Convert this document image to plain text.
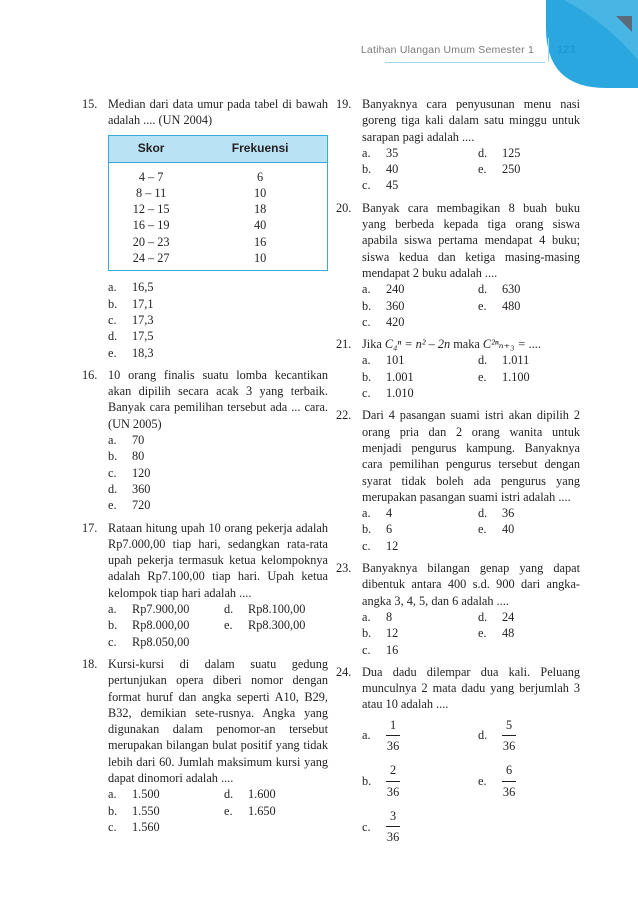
Latihan Ulangan Umum Semester 1 123
15. Median dari data umur pada tabel di bawah adalah .... (UN 2004)
Skor	Frekuensi
4 – 7	6
8 – 11	10
12 – 15	18
16 – 19	40
20 – 23	16
24 – 27	10
a.	16,5
b.	17,1
c.	17,3
d.	17,5
e.	18,3
16. 10 orang finalis suatu lomba kecantikan akan dipilih secara acak 3 yang terbaik. Banyak cara pemilihan tersebut ada ... cara. (UN 2005)
a.	70
b.	80
c.	120
d.	360
e.	720
17. Rataan hitung upah 10 orang pekerja adalah Rp7.000,00 tiap hari, sedangkan rata-rata upah pekerja termasuk ketua kelompoknya adalah Rp7.100,00 tiap hari. Upah ketua kelompok tiap hari adalah ....
a.	Rp7.900,00	d.	Rp8.100,00
b.	Rp8.000,00	e.	Rp8.300,00
c.	Rp8.050,00
18. Kursi-kursi di dalam suatu gedung pertunjukan opera diberi nomor dengan format huruf dan angka seperti A10, B29, B32, demikian sete-rusnya. Angka yang digunakan dalam penomor-an tersebut merupakan bilangan bulat positif yang tidak lebih dari 60. Jumlah maksimum kursi yang dapat dinomori adalah ....
a.	1.500	d.	1.600
b.	1.550	e.	1.650
c.	1.560
19. Banyaknya cara penyusunan menu nasi goreng tiga kali dalam satu minggu untuk sarapan pagi adalah ....
a.	35	d.	125
b.	40	e.	250
c.	45
20. Banyak cara membagikan 8 buah buku yang berbeda kepada tiga orang siswa apabila siswa pertama mendapat 4 buku; siswa kedua dan ketiga masing-masing mendapat 2 buku adalah ....
a.	240	d.	630
b.	360	e.	480
c.	420
21. Jika C₄ⁿ = n² – 2n maka C²ⁿₙ₊₃ = ....
a.	101	d.	1.011
b.	1.001	e.	1.100
c.	1.010
22. Dari 4 pasangan suami istri akan dipilih 2 orang pria dan 2 orang wanita untuk menjadi pengurus kampung. Banyaknya cara pemilihan pengurus tersebut dengan syarat tidak boleh ada pengurus yang merupakan pasangan suami istri adalah ....
a.	4	d.	36
b.	6	e.	40
c.	12
23. Banyaknya bilangan genap yang dapat dibentuk antara 400 s.d. 900 dari angka-angka 3, 4, 5, dan 6 adalah ....
a.	8	d.	24
b.	12	e.	48
c.	16
24. Dua dadu dilempar dua kali. Peluang munculnya 2 mata dadu yang berjumlah 3 atau 10 adalah ....
a.	$\frac{1}{36}$	d.	$\frac{5}{36}$
b.	$\frac{2}{36}$	e.	$\frac{6}{36}$
c.	$\frac{3}{36}$
